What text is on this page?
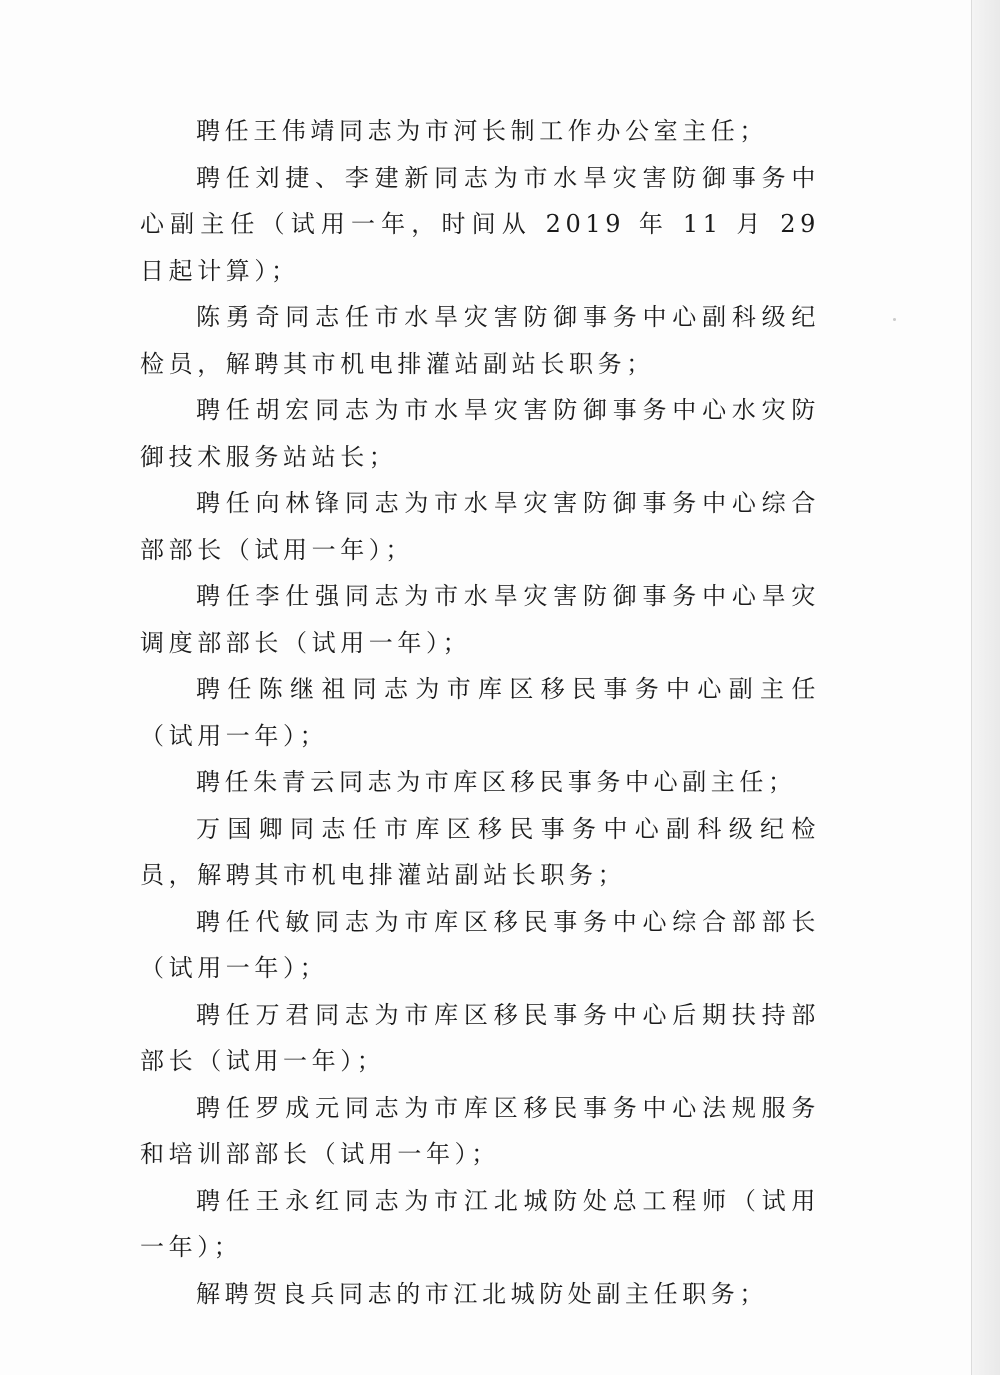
聘任王伟靖同志为市河长制工作办公室主任；

聘任刘捷、李建新同志为市水旱灾害防御事务中心副主任（试用一年，时间从 2019 年 11 月 29 日起计算）；

陈勇奇同志任市水旱灾害防御事务中心副科级纪检员，解聘其市机电排灌站副站长职务；

聘任胡宏同志为市水旱灾害防御事务中心水灾防御技术服务站站长；

聘任向林锋同志为市水旱灾害防御事务中心综合部部长（试用一年）；

聘任李仕强同志为市水旱灾害防御事务中心旱灾调度部部长（试用一年）；

聘任陈继祖同志为市库区移民事务中心副主任（试用一年）；

聘任朱青云同志为市库区移民事务中心副主任；

万国卿同志任市库区移民事务中心副科级纪检员，解聘其市机电排灌站副站长职务；

聘任代敏同志为市库区移民事务中心综合部部长（试用一年）；

聘任万君同志为市库区移民事务中心后期扶持部部长（试用一年）；

聘任罗成元同志为市库区移民事务中心法规服务和培训部部长（试用一年）；

聘任王永红同志为市江北城防处总工程师（试用一年）；

解聘贺良兵同志的市江北城防处副主任职务；
